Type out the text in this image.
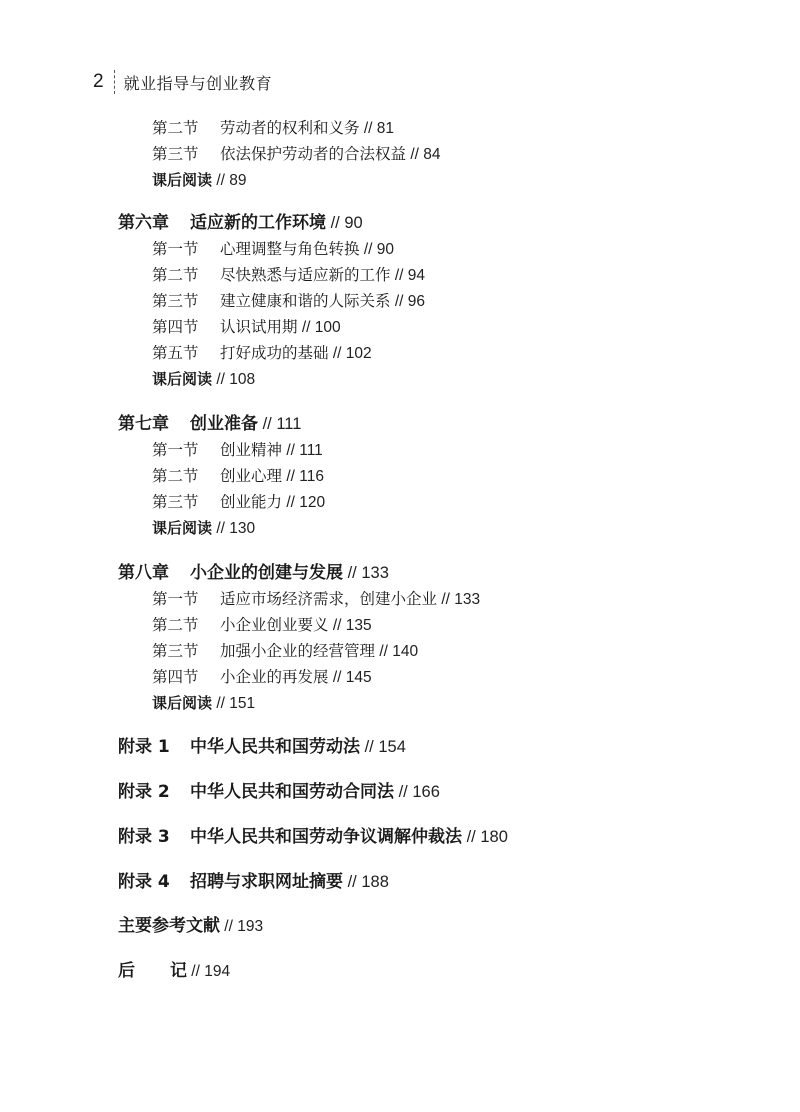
2 就业指导与创业教育
第二节 劳动者的权利和义务 // 81
第三节 依法保护劳动者的合法权益 // 84
课后阅读 // 89
第六章 适应新的工作环境 // 90
第一节 心理调整与角色转换 // 90
第二节 尽快熟悉与适应新的工作 // 94
第三节 建立健康和谐的人际关系 // 96
第四节 认识试用期 // 100
第五节 打好成功的基础 // 102
课后阅读 // 108
第七章 创业准备 // 111
第一节 创业精神 // 111
第二节 创业心理 // 116
第三节 创业能力 // 120
课后阅读 // 130
第八章 小企业的创建与发展 // 133
第一节 适应市场经济需求，创建小企业 // 133
第二节 小企业创业要义 // 135
第三节 加强小企业的经营管理 // 140
第四节 小企业的再发展 // 145
课后阅读 // 151
附录 1 中华人民共和国劳动法 // 154
附录 2 中华人民共和国劳动合同法 // 166
附录 3 中华人民共和国劳动争议调解仲裁法 // 180
附录 4 招聘与求职网址摘要 // 188
主要参考文献 // 193
后 记 // 194
